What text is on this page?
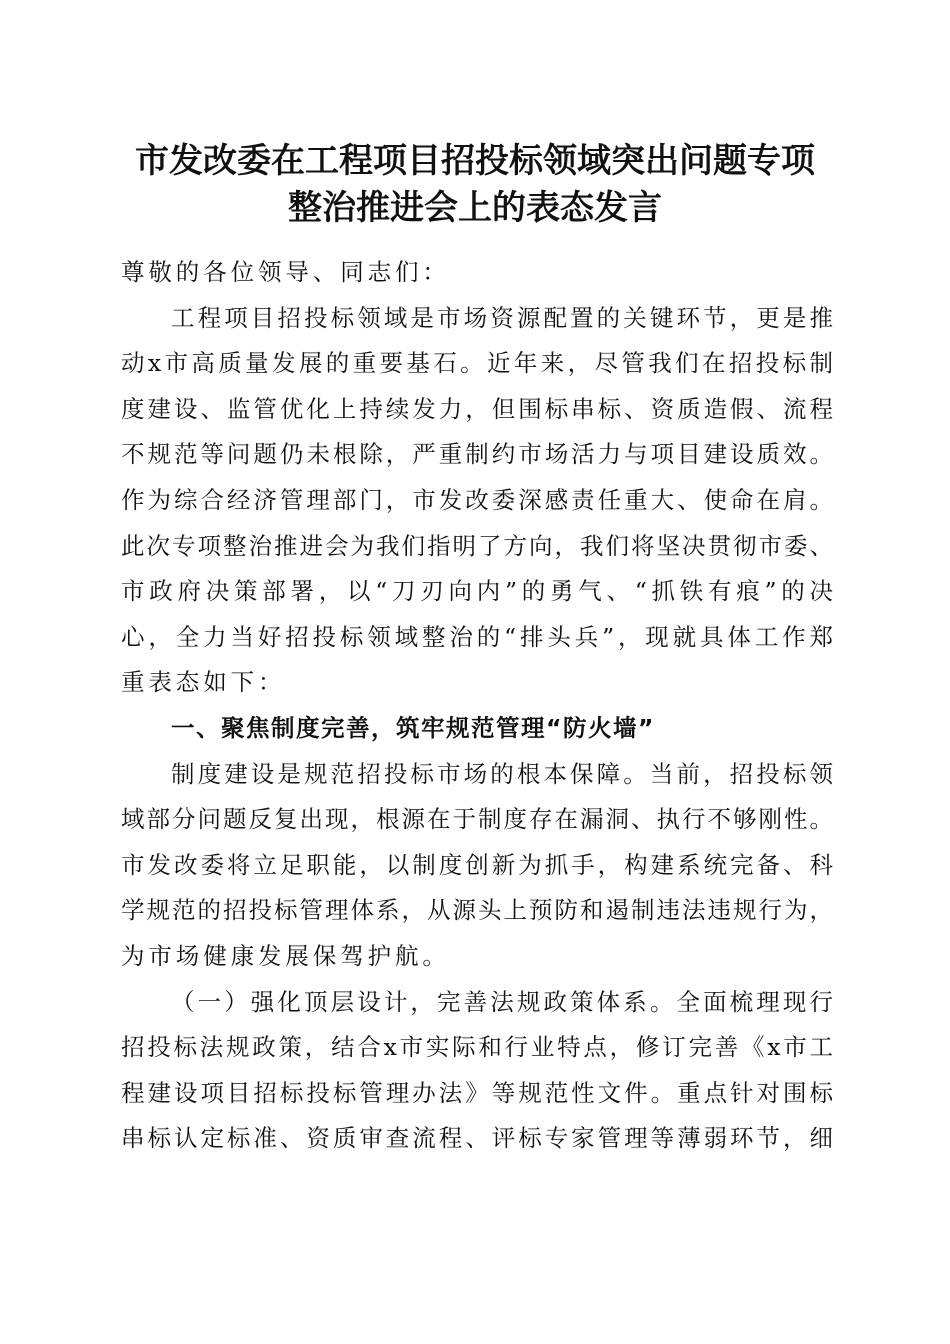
市发改委在工程项目招投标领域突出问题专项
整治推进会上的表态发言
尊敬的各位领导、同志们：
工程项目招投标领域是市场资源配置的关键环节，更是推
动x市高质量发展的重要基石。近年来，尽管我们在招投标制
度建设、监管优化上持续发力，但围标串标、资质造假、流程
不规范等问题仍未根除，严重制约市场活力与项目建设质效。
作为综合经济管理部门，市发改委深感责任重大、使命在肩。
此次专项整治推进会为我们指明了方向，我们将坚决贯彻市委、
市政府决策部署，以“刀刃向内”的勇气、“抓铁有痕”的决
心，全力当好招投标领域整治的“排头兵”，现就具体工作郑
重表态如下：
一、聚焦制度完善，筑牢规范管理“防火墙”
制度建设是规范招投标市场的根本保障。当前，招投标领
域部分问题反复出现，根源在于制度存在漏洞、执行不够刚性。
市发改委将立足职能，以制度创新为抓手，构建系统完备、科
学规范的招投标管理体系，从源头上预防和遏制违法违规行为，
为市场健康发展保驾护航。
（一）强化顶层设计，完善法规政策体系。全面梳理现行
招投标法规政策，结合x市实际和行业特点，修订完善《x市工
程建设项目招标投标管理办法》等规范性文件。重点针对围标
串标认定标准、资质审查流程、评标专家管理等薄弱环节，细
